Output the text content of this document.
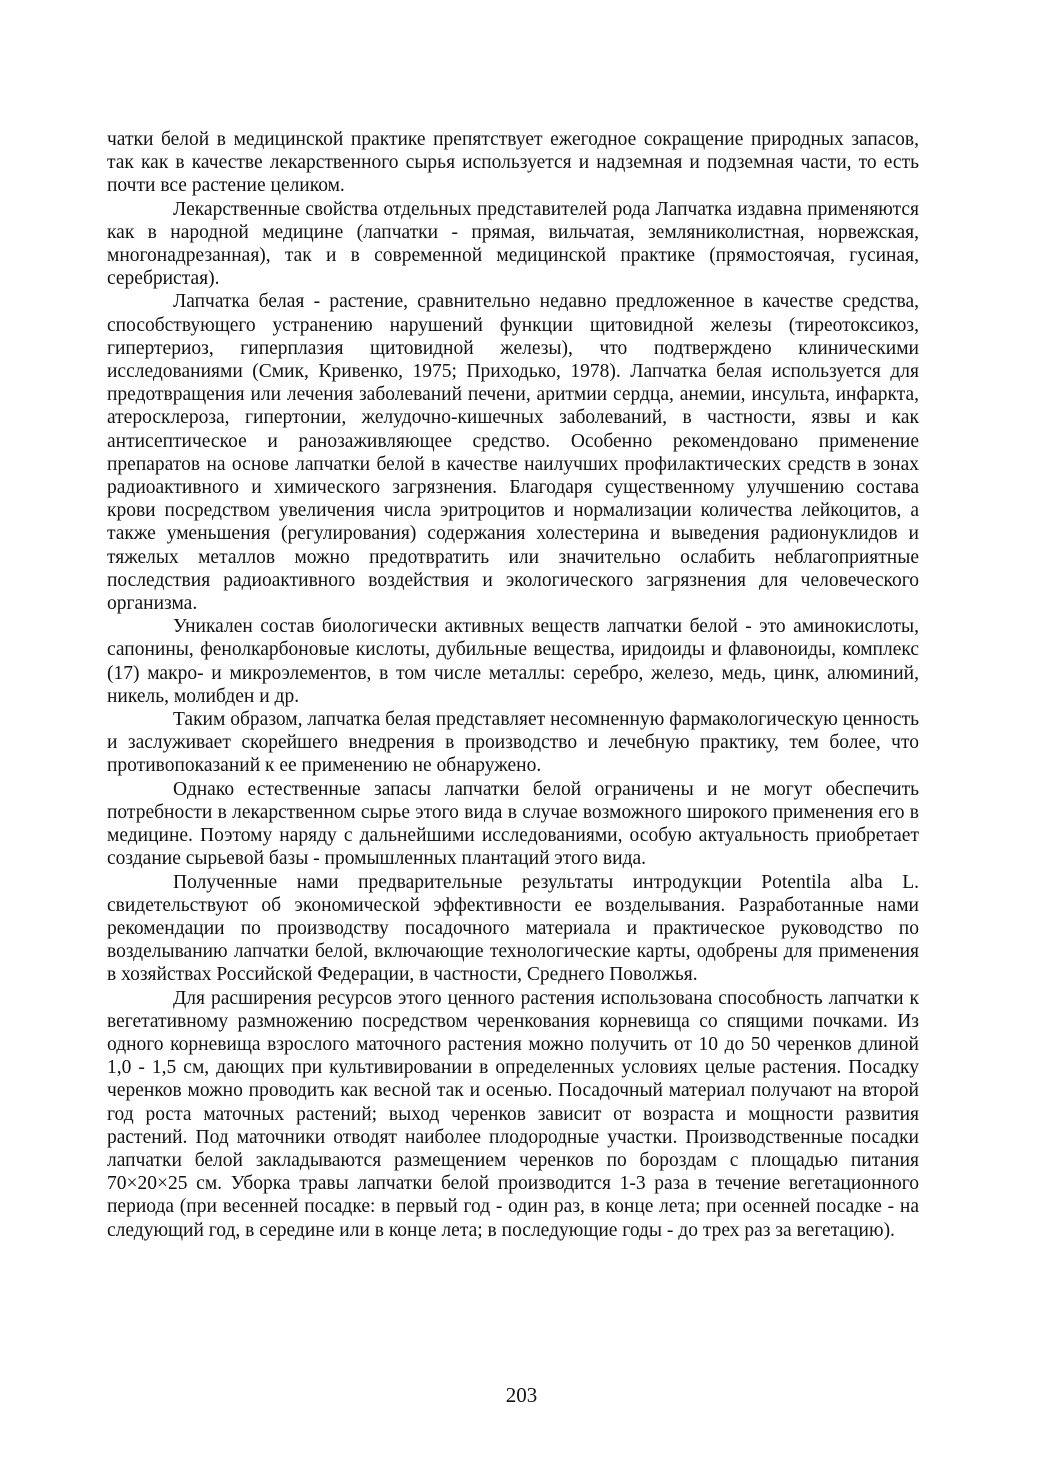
чатки белой в медицинской практике препятствует ежегодное сокращение природных запасов, так как в качестве лекарственного сырья используется и надземная и подземная части, то есть почти все растение целиком.

Лекарственные свойства отдельных представителей рода Лапчатка издавна применяются как в народной медицине (лапчатки - прямая, вильчатая, земляниколистная, норвежская, многонадрезанная), так и в современной медицинской практике (прямостоячая, гусиная, серебристая).

Лапчатка белая - растение, сравнительно недавно предложенное в качестве средства, способствующего устранению нарушений функции щитовидной железы (тиреотоксикоз, гипертериоз, гиперплазия щитовидной железы), что подтверждено клиническими исследованиями (Смик, Кривенко, 1975; Приходько, 1978). Лапчатка белая используется для предотвращения или лечения заболеваний печени, аритмии сердца, анемии, инсульта, инфаркта, атеросклероза, гипертонии, желудочно-кишечных заболеваний, в частности, язвы и как антисептическое и ранозаживляющее средство. Особенно рекомендовано применение препаратов на основе лапчатки белой в качестве наилучших профилактических средств в зонах радиоактивного и химического загрязнения. Благодаря существенному улучшению состава крови посредством увеличения числа эритроцитов и нормализации количества лейкоцитов, а также уменьшения (регулирования) содержания холестерина и выведения радионуклидов и тяжелых металлов можно предотвратить или значительно ослабить неблагоприятные последствия радиоактивного воздействия и экологического загрязнения для человеческого организма.

Уникален состав биологически активных веществ лапчатки белой - это аминокислоты, сапонины, фенолкарбоновые кислоты, дубильные вещества, иридоиды и флавоноиды, комплекс (17) макро- и микроэлементов, в том числе металлы: серебро, железо, медь, цинк, алюминий, никель, молибден и др.

Таким образом, лапчатка белая представляет несомненную фармакологическую ценность и заслуживает скорейшего внедрения в производство и лечебную практику, тем более, что противопоказаний к ее применению не обнаружено.

Однако естественные запасы лапчатки белой ограничены и не могут обеспечить потребности в лекарственном сырье этого вида в случае возможного широкого применения его в медицине. Поэтому наряду с дальнейшими исследованиями, особую актуальность приобретает создание сырьевой базы - промышленных плантаций этого вида.

Полученные нами предварительные результаты интродукции Potentila alba L. свидетельствуют об экономической эффективности ее возделывания. Разработанные нами рекомендации по производству посадочного материала и практическое руководство по возделыванию лапчатки белой, включающие технологические карты, одобрены для применения в хозяйствах Российской Федерации, в частности, Среднего Поволжья.

Для расширения ресурсов этого ценного растения использована способность лапчатки к вегетативному размножению посредством черенкования корневища со спящими почками. Из одного корневища взрослого маточного растения можно получить от 10 до 50 черенков длиной 1,0 - 1,5 см, дающих при культивировании в определенных условиях целые растения. Посадку черенков можно проводить как весной так и осенью. Посадочный материал получают на второй год роста маточных растений; выход черенков зависит от возраста и мощности развития растений. Под маточники отводят наиболее плодородные участки. Производственные посадки лапчатки белой закладываются размещением черенков по бороздам с площадью питания 70×20×25 см. Уборка травы лапчатки белой производится 1-3 раза в течение вегетационного периода (при весенней посадке: в первый год - один раз, в конце лета; при осенней посадке - на следующий год, в середине или в конце лета; в последующие годы - до трех раз за вегетацию).

203
